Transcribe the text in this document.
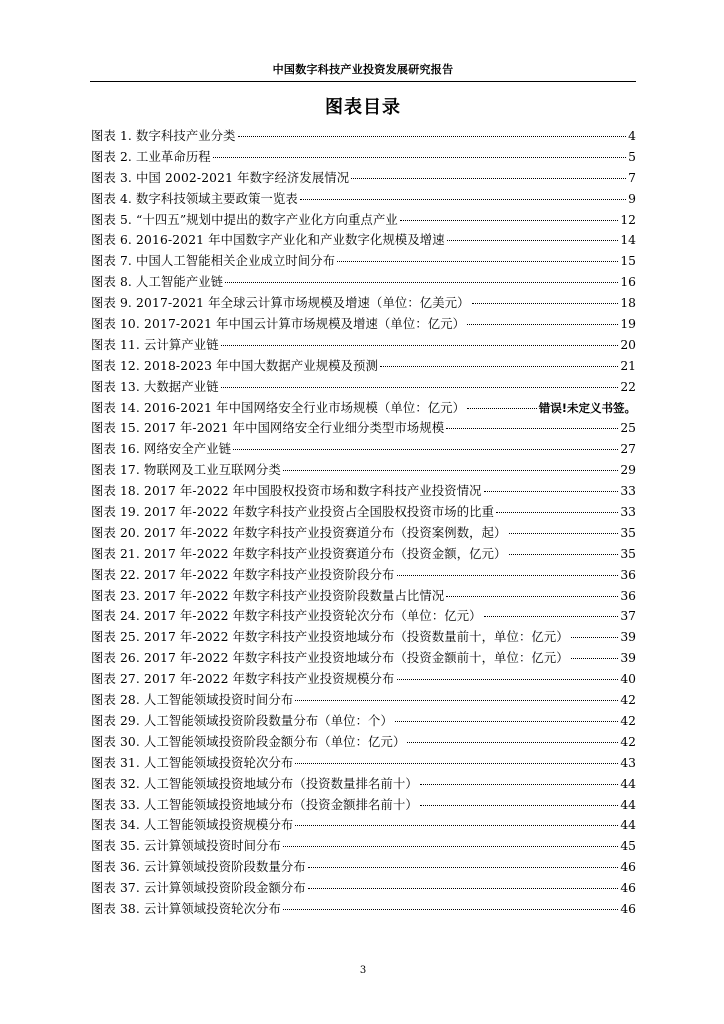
中国数字科技产业投资发展研究报告
图表目录
图表 1. 数字科技产业分类	4
图表 2. 工业革命历程	5
图表 3. 中国 2002-2021 年数字经济发展情况	7
图表 4. 数字科技领域主要政策一览表	9
图表 5. “十四五”规划中提出的数字产业化方向重点产业	12
图表 6. 2016-2021 年中国数字产业化和产业数字化规模及增速	14
图表 7. 中国人工智能相关企业成立时间分布	15
图表 8. 人工智能产业链	16
图表 9. 2017-2021 年全球云计算市场规模及增速（单位：亿美元）	18
图表 10. 2017-2021 年中国云计算市场规模及增速（单位：亿元）	19
图表 11. 云计算产业链	20
图表 12. 2018-2023 年中国大数据产业规模及预测	21
图表 13. 大数据产业链	22
图表 14. 2016-2021 年中国网络安全行业市场规模（单位：亿元）	错误!未定义书签。
图表 15. 2017 年-2021 年中国网络安全行业细分类型市场规模	25
图表 16. 网络安全产业链	27
图表 17. 物联网及工业互联网分类	29
图表 18. 2017 年-2022 年中国股权投资市场和数字科技产业投资情况	33
图表 19. 2017 年-2022 年数字科技产业投资占全国股权投资市场的比重	33
图表 20. 2017 年-2022 年数字科技产业投资赛道分布（投资案例数，起）	35
图表 21. 2017 年-2022 年数字科技产业投资赛道分布（投资金额，亿元）	35
图表 22. 2017 年-2022 年数字科技产业投资阶段分布	36
图表 23. 2017 年-2022 年数字科技产业投资阶段数量占比情况	36
图表 24. 2017 年-2022 年数字科技产业投资轮次分布（单位：亿元）	37
图表 25. 2017 年-2022 年数字科技产业投资地域分布（投资数量前十，单位：亿元）	39
图表 26. 2017 年-2022 年数字科技产业投资地域分布（投资金额前十，单位：亿元）	39
图表 27. 2017 年-2022 年数字科技产业投资规模分布	40
图表 28. 人工智能领域投资时间分布	42
图表 29. 人工智能领域投资阶段数量分布（单位：个）	42
图表 30. 人工智能领域投资阶段金额分布（单位：亿元）	42
图表 31. 人工智能领域投资轮次分布	43
图表 32. 人工智能领域投资地域分布（投资数量排名前十）	44
图表 33. 人工智能领域投资地域分布（投资金额排名前十）	44
图表 34. 人工智能领域投资规模分布	44
图表 35. 云计算领域投资时间分布	45
图表 36. 云计算领域投资阶段数量分布	46
图表 37. 云计算领域投资阶段金额分布	46
图表 38. 云计算领域投资轮次分布	46
3
